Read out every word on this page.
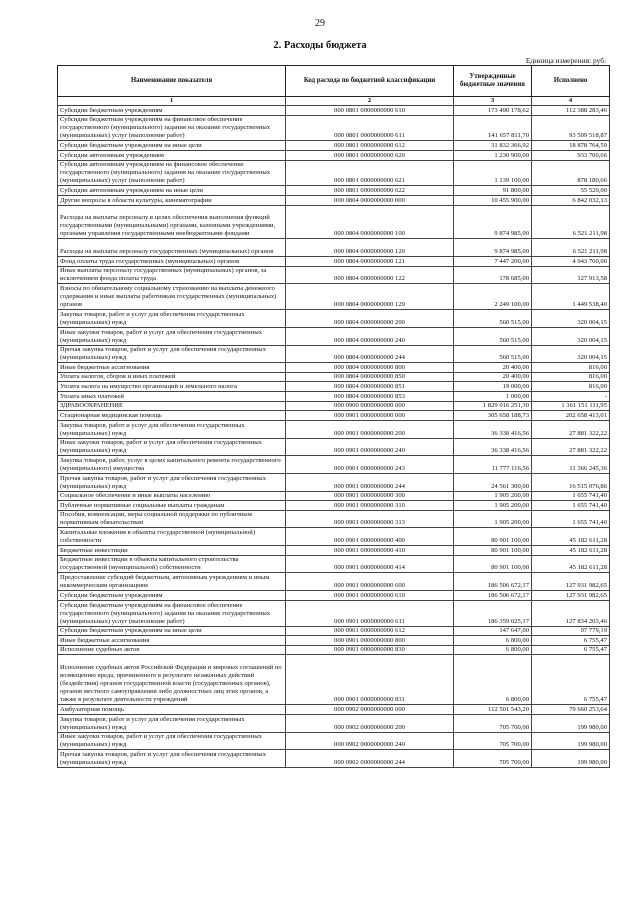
29
2. Расходы бюджета
Единица измерения: руб.
Наименование показателя	Код расхода по бюджетной классификации	Утвержденные бюджетные значения	Исполнено
1	2	3	4
Субсидии бюджетным учреждениям	000 0801 0000000000 610	173 490 178,62	112 388 283,46
Субсидии бюджетным учреждениям на финансовое обеспечение государственного (муниципального) задания на оказание государственных (муниципальных) услуг (выполнение работ)	000 0801 0000000000 611	141 657 811,70	93 509 518,87
Субсидии бюджетным учреждениям на иные цели	000 0801 0000000000 612	31 832 366,92	18 878 764,59
Субсидии автономным учреждениям	000 0801 0000000000 620	1 230 900,00	933 700,66
Субсидии автономным учреждениям на финансовое обеспечение государственного (муниципального) задания на оказание государственных (муниципальных) услуг (выполнение работ)	000 0801 0000000000 621	1 139 100,00	878 180,66
Субсидии автономным учреждениям на иные цели	000 0801 0000000000 622	91 800,00	55 520,00
Другие вопросы в области культуры, кинематографии	000 0804 0000000000 000	10 455 900,00	6 842 032,13
Расходы на выплаты персоналу в целях обеспечения выполнения функций государственными (муниципальными) органами, казенными учреждениями, органами управления государственными внебюджетными фондами	000 0804 0000000000 100	9 874 985,00	6 521 211,98
Расходы на выплаты персоналу государственных (муниципальных) органов	000 0804 0000000000 120	9 874 985,00	6 521 211,98
Фонд оплаты труда государственных (муниципальных) органов	000 0804 0000000000 121	7 447 200,00	4 943 760,00
Иные выплаты персоналу государственных (муниципальных) органов, за исключением фонда оплаты труда	000 0804 0000000000 122	178 685,00	127 913,58
Взносы по обязательному социальному страхованию на выплаты денежного содержания и иные выплаты работникам государственных (муниципальных) органов	000 0804 0000000000 129	2 249 100,00	1 449 538,40
Закупка товаров, работ и услуг для обеспечения государственных (муниципальных) нужд	000 0804 0000000000 200	560 515,00	320 004,15
Иные закупки товаров, работ и услуг для обеспечения государственных (муниципальных) нужд	000 0804 0000000000 240	560 515,00	320 004,15
Прочая закупка товаров, работ и услуг для обеспечения государственных (муниципальных) нужд	000 0804 0000000000 244	560 515,00	320 004,15
Иные бюджетные ассигнования	000 0804 0000000000 800	20 400,00	816,00
Уплата налогов, сборов и иных платежей	000 0804 0000000000 850	20 400,00	816,00
Уплата налога на имущество организаций и земельного налога	000 0804 0000000000 851	19 000,00	816,00
Уплата иных платежей	000 0804 0000000000 853	1 000,00	-
ЗДРАВООХРАНЕНИЕ	000 0900 0000000000 000	1 829 016 251,30	1 361 151 111,95
Стационарная медицинская помощь	000 0901 0000000000 000	305 658 188,73	202 658 413,01
Закупка товаров, работ и услуг для обеспечения государственных (муниципальных) нужд	000 0901 0000000000 200	36 338 416,56	27 881 322,22
Иные закупки товаров, работ и услуг для обеспечения государственных (муниципальных) нужд	000 0901 0000000000 240	36 338 416,56	27 881 322,22
Закупка товаров, работ, услуг в целях капитального ремонта государственного (муниципального) имущества	000 0901 0000000000 243	11 777 116,56	11 366 245,36
Прочая закупка товаров, работ и услуг для обеспечения государственных (муниципальных) нужд	000 0901 0000000000 244	24 561 300,00	16 515 076,86
Социальное обеспечение и иные выплаты населению	000 0901 0000000000 300	1 905 200,00	1 655 741,40
Публичные нормативные социальные выплаты гражданам	000 0901 0000000000 310	1 905 200,00	1 655 741,40
Пособия, компенсации, меры социальной поддержки по публичным нормативным обязательствам	000 0901 0000000000 313	1 905 200,00	1 655 741,40
Капитальные вложения в объекты государственной (муниципальной) собственности	000 0901 0000000000 400	80 901 100,00	45 182 611,28
Бюджетные инвестиции	000 0901 0000000000 410	80 901 100,00	45 182 611,28
Бюджетные инвестиции в объекты капитального строительства государственной (муниципальной) собственности	000 0901 0000000000 414	80 901 100,00	45 182 611,28
Предоставление субсидий бюджетным, автономным учреждениям и иным некоммерческим организациям	000 0901 0000000000 600	186 506 672,17	127 931 982,65
Субсидии бюджетным учреждениям	000 0901 0000000000 610	186 506 672,17	127 931 982,65
Субсидии бюджетным учреждениям на финансовое обеспечение государственного (муниципального) задания на оказание государственных (муниципальных) услуг (выполнение работ)	000 0901 0000000000 611	186 359 025,17	127 834 203,46
Субсидии бюджетным учреждениям на иные цели	000 0901 0000000000 612	147 647,00	97 779,19
Иные бюджетные ассигнования	000 0901 0000000000 800	6 800,00	6 755,47
Исполнение судебных актов	000 0901 0000000000 830	6 800,00	6 755,47
Исполнение судебных актов Российской Федерации и мировых соглашений по возмещению вреда, причиненного в результате незаконных действий (бездействия) органов государственной власти (государственных органов), органов местного самоуправления либо должностных лиц этих органов, а также в результате деятельности учреждений	000 0901 0000000000 831	6 800,00	6 755,47
Амбулаторная помощь	000 0902 0000000000 000	112 501 543,20	79 660 253,64
Закупка товаров, работ и услуг для обеспечения государственных (муниципальных) нужд	000 0902 0000000000 200	705 700,00	199 980,00
Иные закупки товаров, работ и услуг для обеспечения государственных (муниципальных) нужд	000 0902 0000000000 240	705 700,00	199 980,00
Прочая закупка товаров, работ и услуг для обеспечения государственных (муниципальных) нужд	000 0902 0000000000 244	705 700,00	199 980,00
